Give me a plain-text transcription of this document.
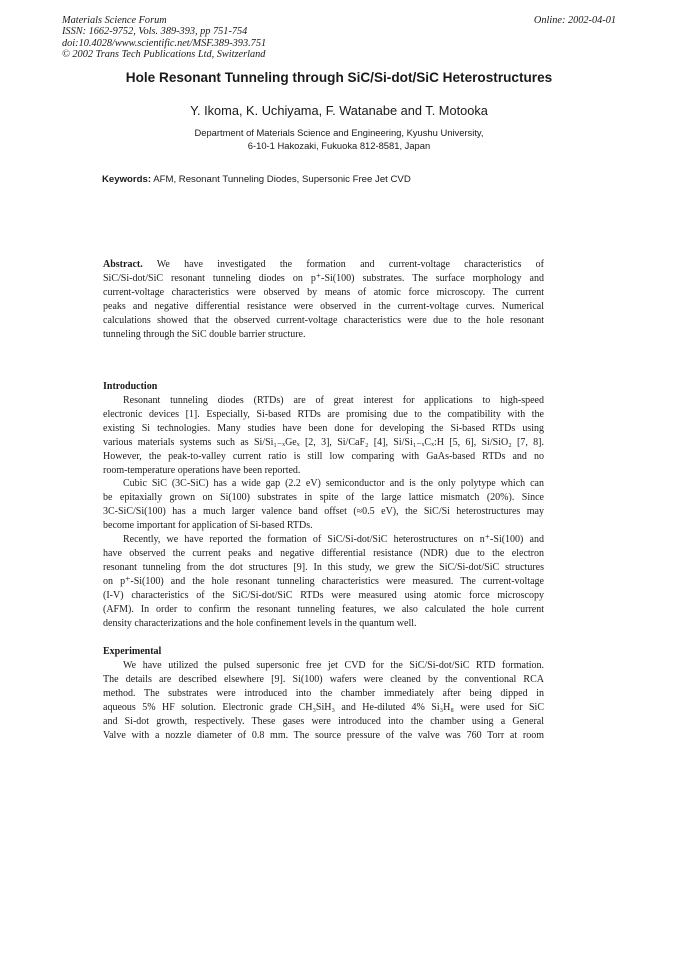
Materials Science Forum
ISSN: 1662-9752, Vols. 389-393, pp 751-754
doi:10.4028/www.scientific.net/MSF.389-393.751
© 2002 Trans Tech Publications Ltd, Switzerland
Online: 2002-04-01
Hole Resonant Tunneling through SiC/Si-dot/SiC Heterostructures
Y. Ikoma, K. Uchiyama, F. Watanabe and T. Motooka
Department of Materials Science and Engineering, Kyushu University,
6-10-1 Hakozaki, Fukuoka 812-8581, Japan
Keywords: AFM, Resonant Tunneling Diodes, Supersonic Free Jet CVD
Abstract. We have investigated the formation and current-voltage characteristics of
SiC/Si-dot/SiC resonant tunneling diodes on p⁺-Si(100) substrates. The surface morphology and
current-voltage characteristics were observed by means of atomic force microscopy. The current
peaks and negative differential resistance were observed in the current-voltage curves. Numerical
calculations showed that the observed current-voltage characteristics were due to the hole resonant
tunneling through the SiC double barrier structure.
Introduction
Resonant tunneling diodes (RTDs) are of great interest for applications to high-speed
electronic devices [1]. Especially, Si-based RTDs are promising due to the compatibility with the
existing Si technologies. Many studies have been done for developing the Si-based RTDs using
various materials systems such as Si/Si₁₋ₓGeₓ [2, 3], Si/CaF₂ [4], Si/Si₁₋ₓCₓ:H [5, 6], Si/SiO₂ [7, 8].
However, the peak-to-valley current ratio is still low comparing with GaAs-based RTDs and no
room-temperature operations have been reported.
Cubic SiC (3C-SiC) has a wide gap (2.2 eV) semiconductor and is the only polytype which can
be epitaxially grown on Si(100) substrates in spite of the large lattice mismatch (20%). Since
3C-SiC/Si(100) has a much larger valence band offset (≈0.5 eV), the SiC/Si heterostructures may
become important for application of Si-based RTDs.
Recently, we have reported the formation of SiC/Si-dot/SiC heterostructures on n⁺-Si(100) and
have observed the current peaks and negative differential resistance (NDR) due to the electron
resonant tunneling from the dot structures [9]. In this study, we grew the SiC/Si-dot/SiC structures
on p⁺-Si(100) and the hole resonant tunneling characteristics were measured. The current-voltage
(I-V) characteristics of the SiC/Si-dot/SiC RTDs were measured using atomic force microscopy
(AFM). In order to confirm the resonant tunneling features, we also calculated the hole current
density characterizations and the hole confinement levels in the quantum well.
Experimental
We have utilized the pulsed supersonic free jet CVD for the SiC/Si-dot/SiC RTD formation.
The details are described elsewhere [9]. Si(100) wafers were cleaned by the conventional RCA
method. The substrates were introduced into the chamber immediately after being dipped in
aqueous 5% HF solution. Electronic grade CH₃SiH₃ and He-diluted 4% Si₃H₈ were used for SiC
and Si-dot growth, respectively. These gases were introduced into the chamber using a General
Valve with a nozzle diameter of 0.8 mm. The source pressure of the valve was 760 Torr at room
